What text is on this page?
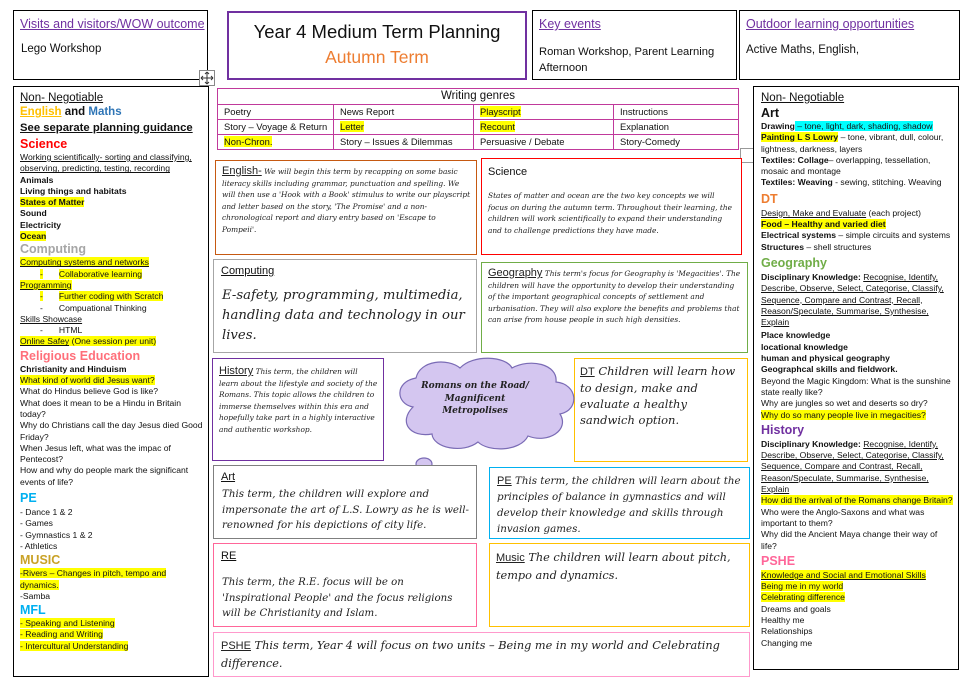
Visits and visitors/WOW outcome
Lego Workshop
Year 4 Medium Term Planning
Autumn Term
Key events
Roman Workshop, Parent Learning Afternoon
Outdoor learning opportunities
Active Maths, English,
Writing genres
Poetry	News Report	Playscript	Instructions
Story – Voyage & Return	Letter	Recount	Explanation
Non-Chron.	Story – Issues & Dilemmas	Persuasive / Debate	Story-Comedy
Non- Negotiable
English and Maths
See separate planning guidance
Science
Working scientifically- sorting and classifying,
observing, predicting, testing, recording
Animals
Living things and habitats
States of Matter
Sound
Electricity
Ocean
Computing
Computing systems and networks
- Collaborative learning
Programming
- Further coding with Scratch
- Compuational Thinking
Skills Showcase
- HTML
Online Safey (One session per unit)
Religious Education
Christianity and Hinduism
What kind of world did Jesus want?
What do Hindus believe God is like?
What does it mean to be a Hindu in Britain
today?
Why do Christians call the day Jesus died Good
Friday?
When Jesus left, what was the impac of
Pentecost?
How and why do people mark the significant
events of life?
PE
- Dance 1 & 2
- Games
- Gymnastics 1 & 2
- Athletics
MUSIC
-Rivers – Changes in pitch, tempo and
dynamics.
-Samba
MFL
- Speaking and Listening
- Reading and Writing
- Intercultural Understanding
Non- Negotiable
Art
Drawing – tone, light, dark, shading, shadow
Painting L S Lowry – tone, vibrant, dull, colour,
lightness, darkness, layers
Textiles: Collage– overlapping, tessellation,
mosaic and montage
Textiles: Weaving - sewing, stitching. Weaving
DT
Design, Make and Evaluate (each project)
Food – Healthy and varied diet
Electrical systems – simple circuits and systems
Structures – shell structures
Geography
Disciplinary Knowledge: Recognise, Identify,
Describe, Observe, Select, Categorise, Classify,
Sequence, Compare and Contrast, Recall,
Reason/Speculate, Summarise, Synthesise,
Explain
Place knowledge
locational knowledge
human and physical geography
Geographcal skills and fieldwork.
Beyond the Magic Kingdom: What is the sunshine
state really like?
Why are jungles so wet and deserts so dry?
Why do so many people live in megacities?
History
Disciplinary Knowledge: Recognise, Identify,
Describe, Observe, Select, Categorise, Classify,
Sequence, Compare and Contrast, Recall,
Reason/Speculate, Summarise, Synthesise,
Explain
How did the arrival of the Romans change Britain?
Who were the Anglo-Saxons and what was
important to them?
Why did the Ancient Maya change their way of
life?
PSHE
Knowledge and Social and Emotional Skills
Being me in my world
Celebrating difference
Dreams and goals
Healthy me
Relationships
Changing me
English- We will begin this term by recapping on some basic literacy skills including grammar, punctuation and spelling. We will then use a 'Hook with a Book' stimulus to write our playscript and letter based on the story, 'The Promise' and a non-chronological report and diary entry based on 'Escape to Pompeii'.
Science
States of matter and ocean are the two key concepts we will focus on during the autumn term. Throughout their learning, the children will work scientifically to expand their understanding and to challenge predictions they have made.
Computing
E-safety, programming, multimedia, handling data and technology in our lives.
Geography This term's focus for Geography is 'Megacities'. The children will have the opportunity to develop their understanding of the important geographical concepts of settlement and urbanisation. They will also explore the benefits and problems that can arise from house people in such high densities.
History This term, the children will learn about the lifestyle and society of the Romans. This topic allows the children to immerse themselves within this era and hopefully take part in a highly interactive and authentic workshop.
DT Children will learn how to design, make and evaluate a healthy sandwich option.
Romans on the Road/ Magnificent Metropolises
Art
This term, the children will explore and impersonate the art of L.S. Lowry as he is well-renowned for his depictions of city life.
PE This term, the children will learn about the principles of balance in gymnastics and will develop their knowledge and skills through invasion games.
RE
This term, the R.E. focus will be on 'Inspirational People' and the focus religions will be Christianity and Islam.
Music The children will learn about pitch, tempo and dynamics.
PSHE This term, Year 4 will focus on two units – Being me in my world and Celebrating difference.
